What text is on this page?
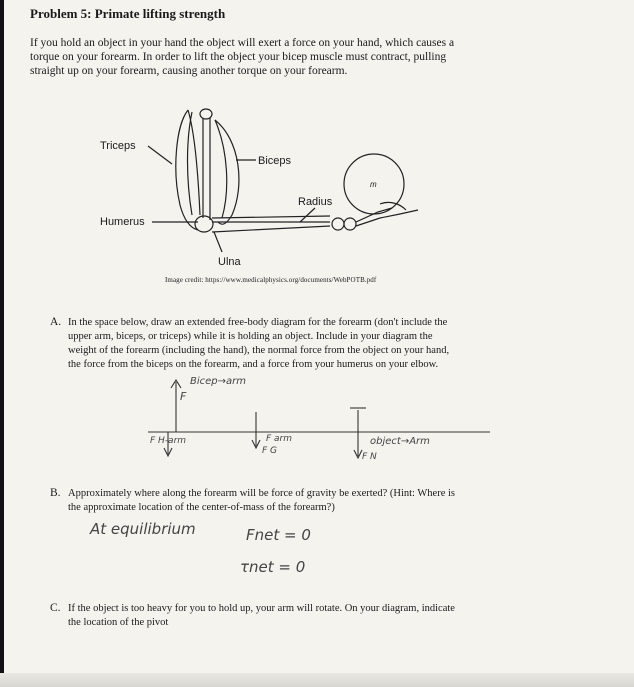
Problem 5: Primate lifting strength

If you hold an object in your hand the object will exert a force on your hand, which causes a

torque on your forearm. In order to lift the object your bicep muscle must contract, pulling

straight up on your forearm, causing another torque on your forearm.

Triceps
Biceps
Radius
Humerus
Ulna
m

Image credit: https://www.medicalphysics.org/documents/WebPOTB.pdf

A. In the space below, draw an extended free-body diagram for the forearm (don't include the

upper arm, biceps, or triceps) while it is holding an object. Include in your diagram the

weight of the forearm (including the hand), the normal force from the object on your hand,

the force from the biceps on the forearm, and a force from your humerus on your elbow.

Bicep→arm
F
F H-arm	F arm
F G
object→Arm
F N
B. Approximately where along the forearm will be force of gravity be exerted? (Hint: Where is

the approximate location of the center-of-mass of the forearm?)

At equilibrium	Fnet = 0
τnet = 0
C. If the object is too heavy for you to hold up, your arm will rotate. On your diagram, indicate

the location of the pivot
